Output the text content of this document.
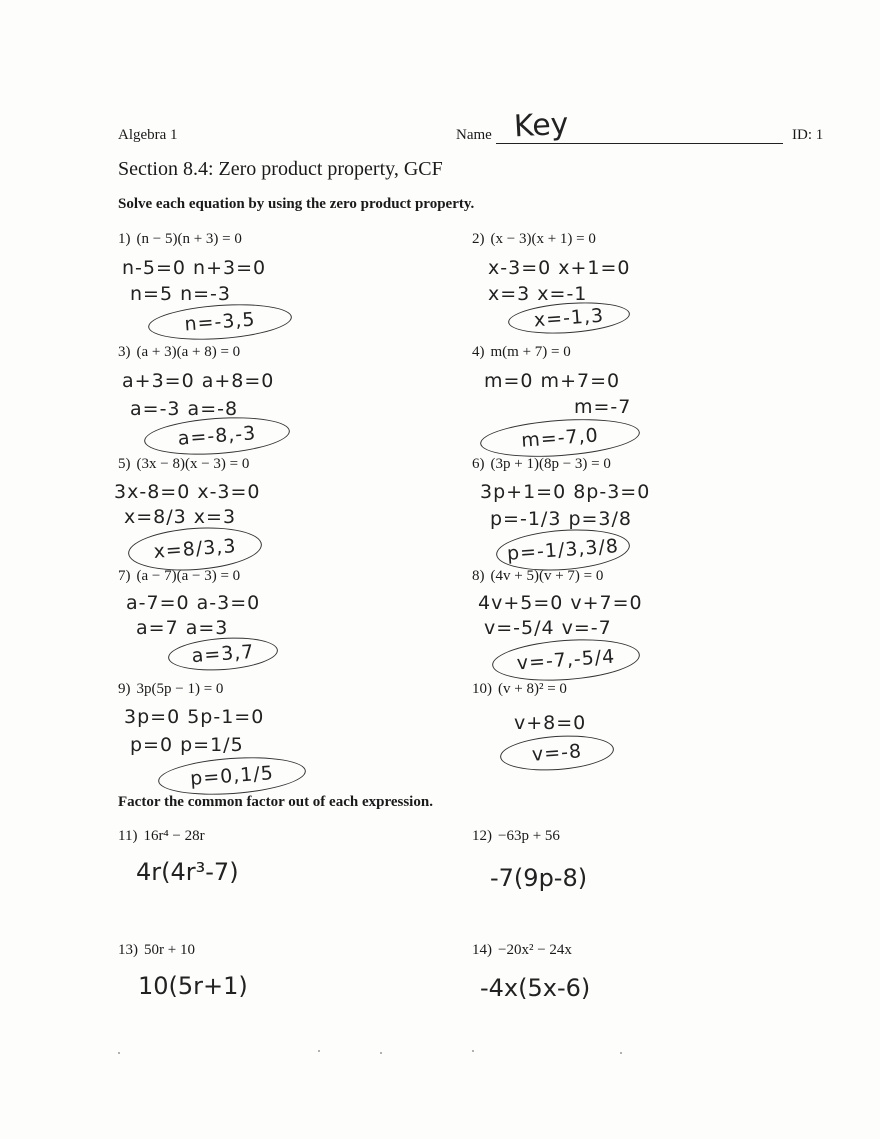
Algebra 1	Name Key	ID: 1
Section 8.4: Zero product property, GCF
Solve each equation by using the zero product property.
1) (n − 5)(n + 3) = 0
n-5=0 n+3=0
n=5 n=-3
n=-3,5
2) (x − 3)(x + 1) = 0
x-3=0 x+1=0
x=3 x=-1
x=-1,3
3) (a + 3)(a + 8) = 0
a+3=0 a+8=0
a=-3 a=-8
a=-8,-3
4) m(m + 7) = 0
m=0 m+7=0
m=-7
m=-7,0
5) (3x − 8)(x − 3) = 0
3x-8=0 x-3=0
x=8/3 x=3
x=8/3,3
6) (3p + 1)(8p − 3) = 0
3p+1=0 8p-3=0
p=-1/3 p=3/8
p=-1/3,3/8
7) (a − 7)(a − 3) = 0
a-7=0 a-3=0
a=7 a=3
a=3,7
8) (4v + 5)(v + 7) = 0
4v+5=0 v+7=0
v=-5/4 v=-7
v=-7,-5/4
9) 3p(5p − 1) = 0
3p=0 5p-1=0
p=0 p=1/5
p=0,1/5
10) (v + 8)² = 0
v+8=0
v=-8
Factor the common factor out of each expression.
11) 16r⁴ − 28r
4r(4r³-7)
12) −63p + 56
-7(9p-8)
13) 50r + 10
10(5r+1)
14) −20x² − 24x
-4x(5x-6)
